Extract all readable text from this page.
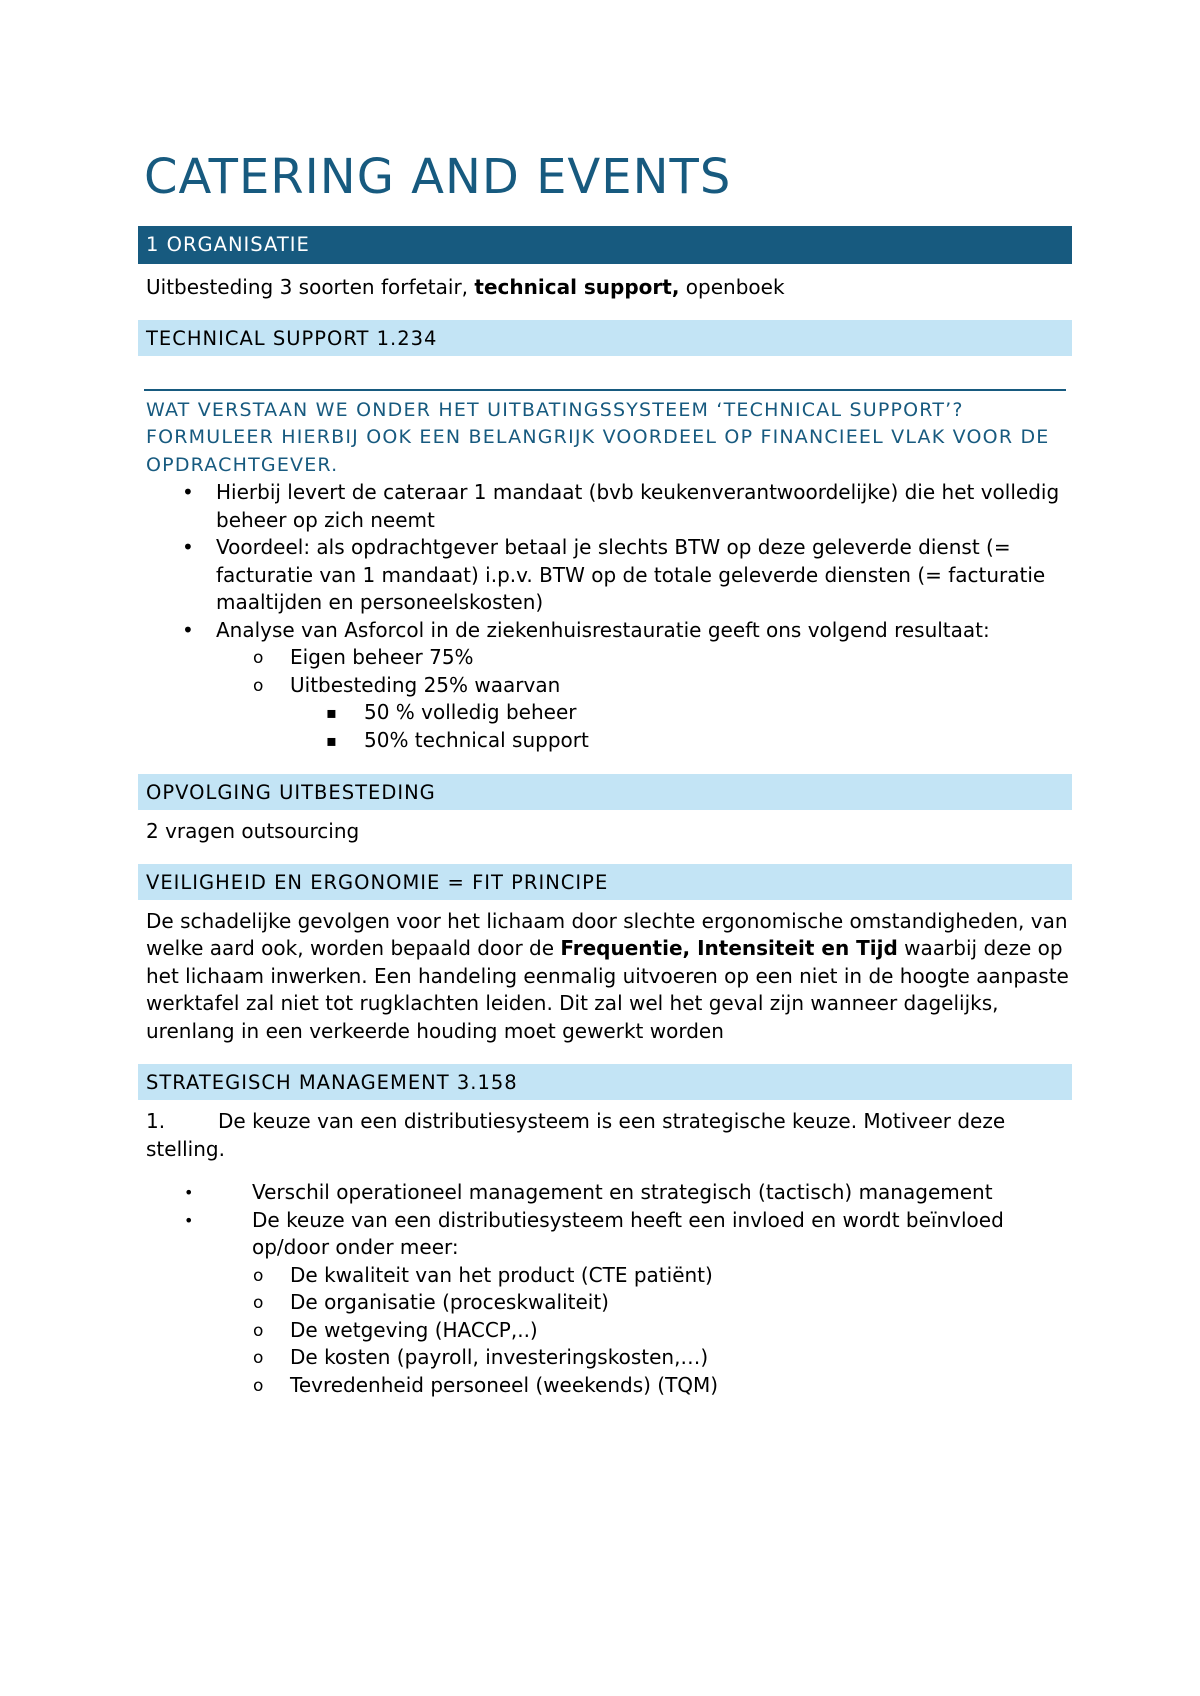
CATERING AND EVENTS
1 ORGANISATIE
Uitbesteding 3 soorten forfetair, technical support, openboek
TECHNICAL SUPPORT 1.234
WAT VERSTAAN WE ONDER HET UITBATINGSSYSTEEM ‘TECHNICAL SUPPORT’? FORMULEER HIERBIJ OOK EEN BELANGRIJK VOORDEEL OP FINANCIEEL VLAK VOOR DE OPDRACHTGEVER.
• Hierbij levert de cateraar 1 mandaat (bvb keukenverantwoordelijke) die het volledig beheer op zich neemt
• Voordeel: als opdrachtgever betaal je slechts BTW op deze geleverde dienst (= facturatie van 1 mandaat) i.p.v. BTW op de totale geleverde diensten (= facturatie maaltijden en personeelskosten)
• Analyse van Asforcol in de ziekenhuisrestauratie geeft ons volgend resultaat:
o Eigen beheer 75%
o Uitbesteding 25% waarvan
▪ 50 % volledig beheer
▪ 50% technical support
OPVOLGING UITBESTEDING
2 vragen outsourcing
VEILIGHEID EN ERGONOMIE = FIT PRINCIPE
De schadelijke gevolgen voor het lichaam door slechte ergonomische omstandigheden, van welke aard ook, worden bepaald door de Frequentie, Intensiteit en Tijd waarbij deze op het lichaam inwerken. Een handeling eenmalig uitvoeren op een niet in de hoogte aanpaste werktafel zal niet tot rugklachten leiden. Dit zal wel het geval zijn wanneer dagelijks, urenlang in een verkeerde houding moet gewerkt worden
STRATEGISCH MANAGEMENT 3.158
1.	De keuze van een distributiesysteem is een strategische keuze. Motiveer deze stelling.
•	Verschil operationeel management en strategisch (tactisch) management
•	De keuze van een distributiesysteem heeft een invloed en wordt beïnvloed op/door onder meer:
o De kwaliteit van het product (CTE patiënt)
o De organisatie (proceskwaliteit)
o De wetgeving (HACCP,..)
o De kosten (payroll, investeringskosten,…)
o Tevredenheid personeel (weekends) (TQM)
